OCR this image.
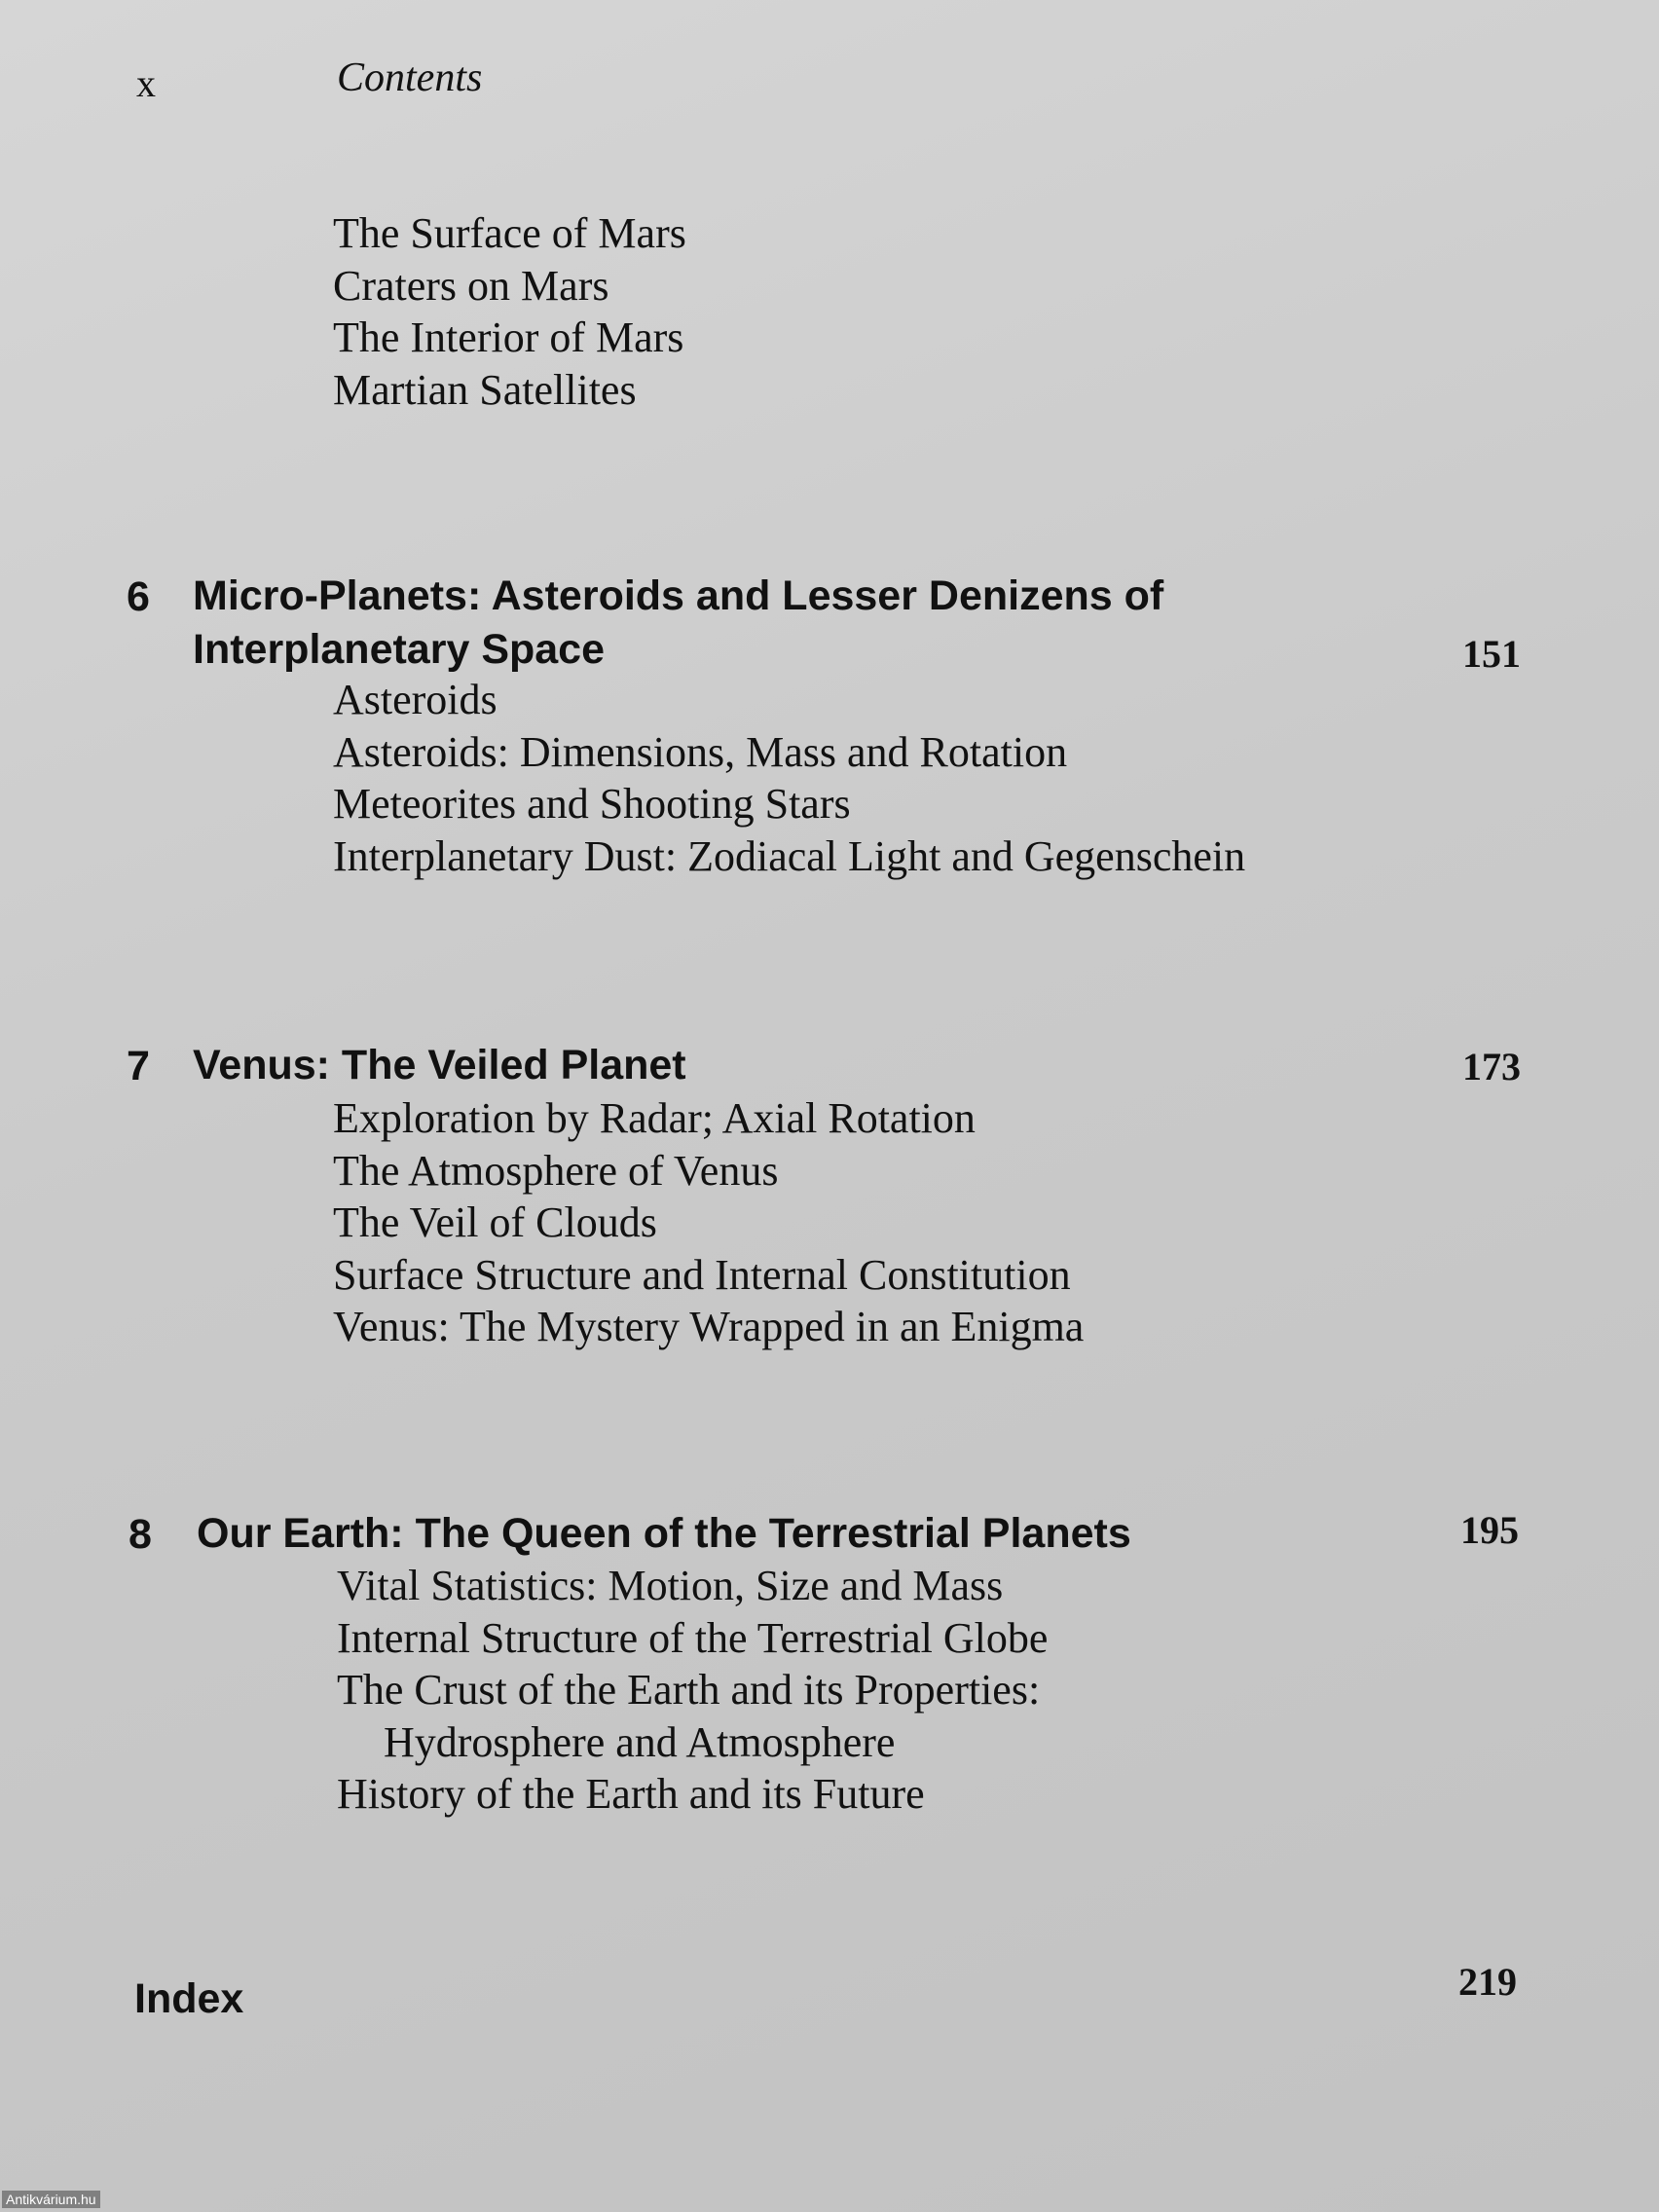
x	Contents
The Surface of Mars
Craters on Mars
The Interior of Mars
Martian Satellites
6 Micro-Planets: Asteroids and Lesser Denizens of
Interplanetary Space	151
Asteroids
Asteroids: Dimensions, Mass and Rotation
Meteorites and Shooting Stars
Interplanetary Dust: Zodiacal Light and Gegenschein
7 Venus: The Veiled Planet	173
Exploration by Radar; Axial Rotation
The Atmosphere of Venus
The Veil of Clouds
Surface Structure and Internal Constitution
Venus: The Mystery Wrapped in an Enigma
8 Our Earth: The Queen of the Terrestrial Planets	195
Vital Statistics: Motion, Size and Mass
Internal Structure of the Terrestrial Globe
The Crust of the Earth and its Properties:
Hydrosphere and Atmosphere
History of the Earth and its Future
Index	219
Antikvárium.hu
